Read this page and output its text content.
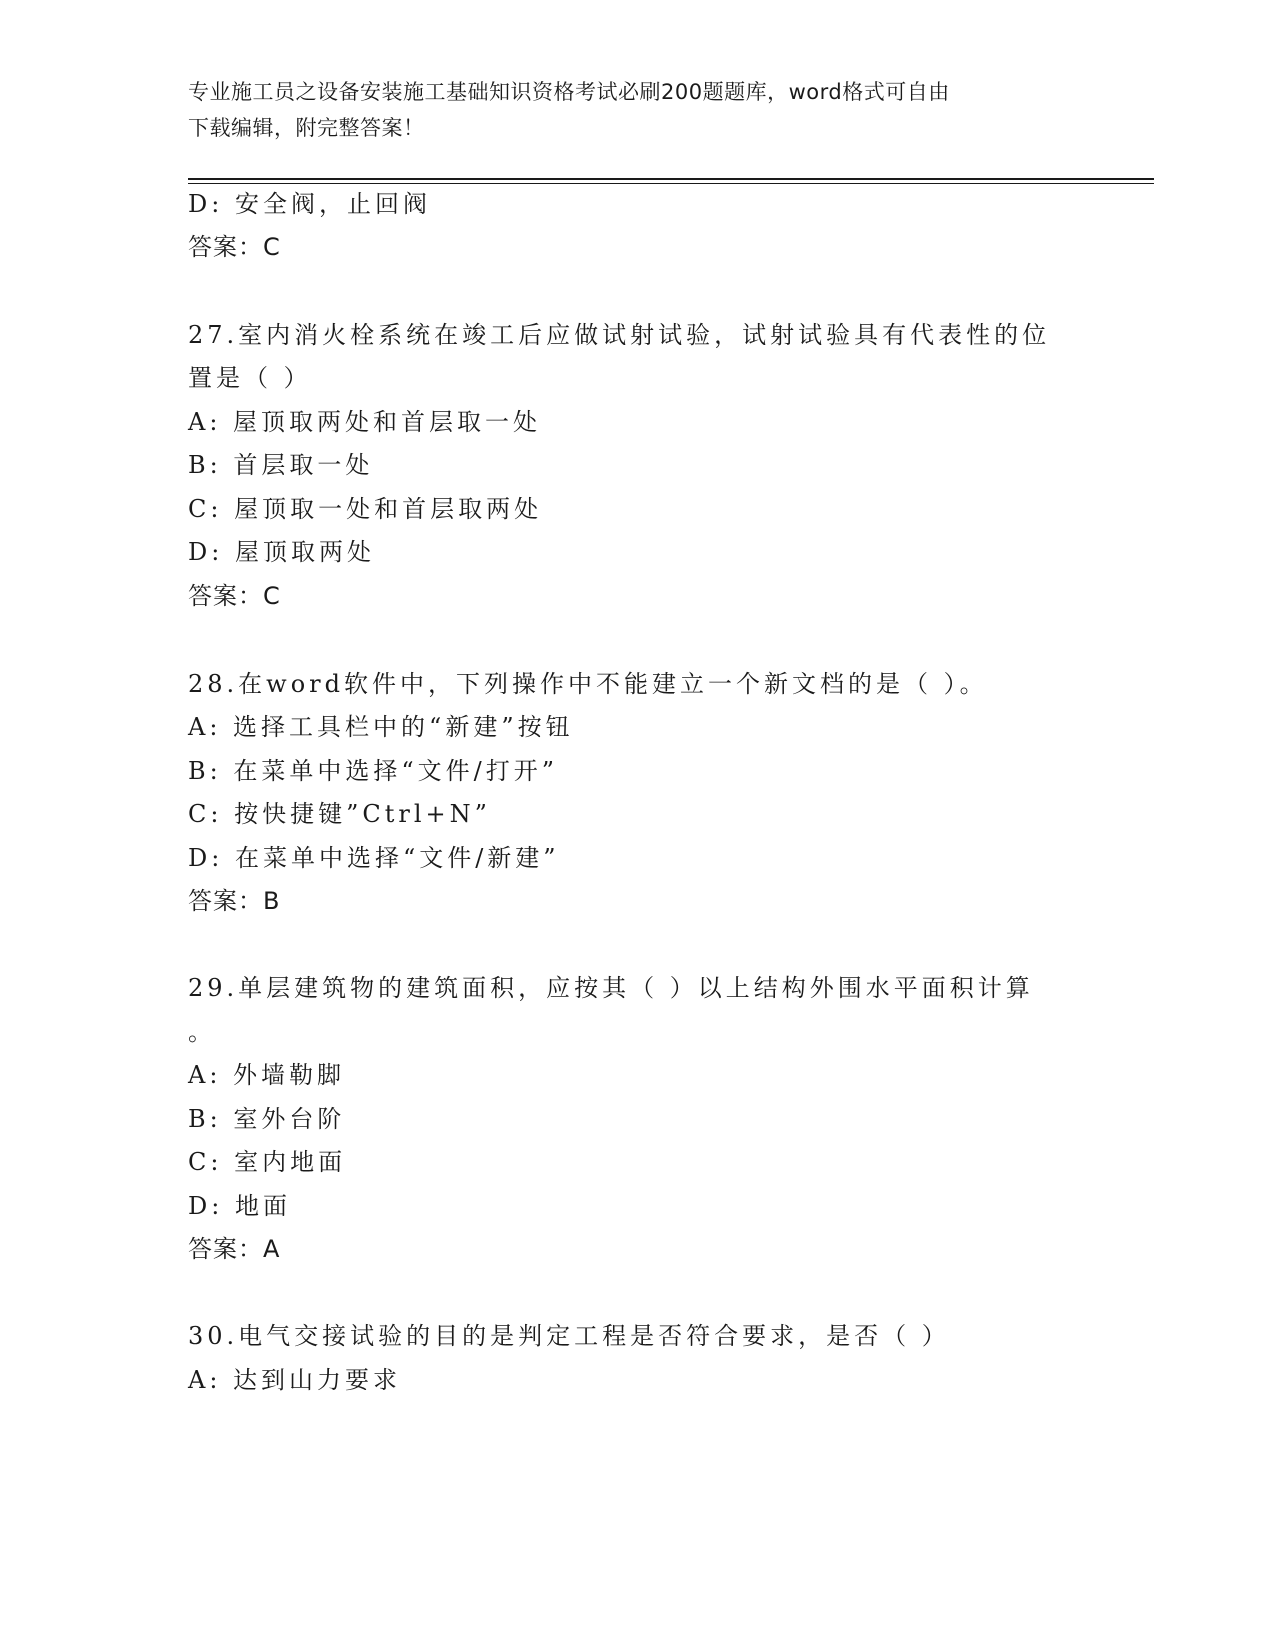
专业施工员之设备安装施工基础知识资格考试必刷200题题库，word格式可自由
下载编辑，附完整答案！
D: 安全阀，止回阀
答案：C
27.室内消火栓系统在竣工后应做试射试验，试射试验具有代表性的位
置是（ ）
A: 屋顶取两处和首层取一处
B: 首层取一处
C: 屋顶取一处和首层取两处
D: 屋顶取两处
答案：C
28.在word软件中，下列操作中不能建立一个新文档的是（ ）。
A: 选择工具栏中的“新建”按钮
B: 在菜单中选择“文件/打开”
C: 按快捷键”Ctrl+N”
D: 在菜单中选择“文件/新建”
答案：B
29.单层建筑物的建筑面积，应按其（ ）以上结构外围水平面积计算
。
A: 外墙勒脚
B: 室外台阶
C: 室内地面
D: 地面
答案：A
30.电气交接试验的目的是判定工程是否符合要求，是否（ ）
A: 达到山力要求
